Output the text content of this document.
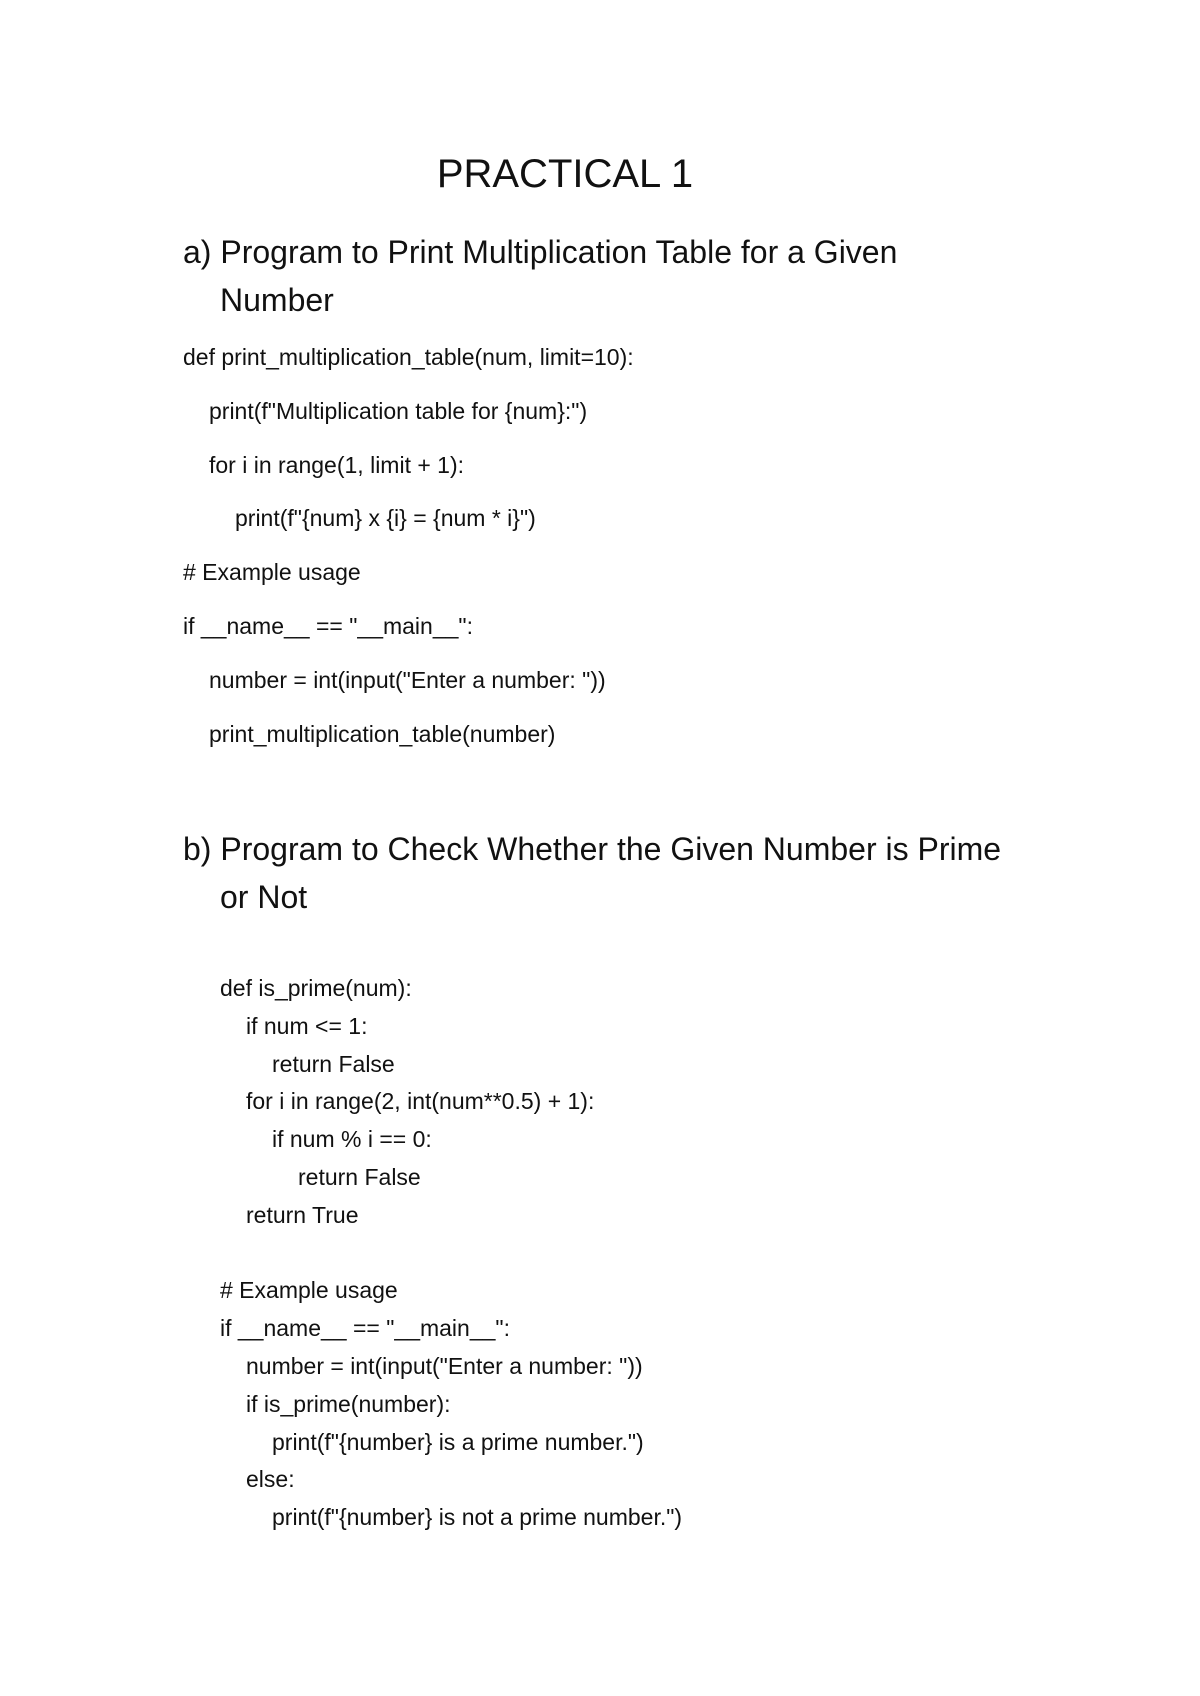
PRACTICAL 1
a) Program to Print Multiplication Table for a Given
Number
def print_multiplication_table(num, limit=10):
print(f"Multiplication table for {num}:")
for i in range(1, limit + 1):
print(f"{num} x {i} = {num * i}")
# Example usage
if __name__ == "__main__":
number = int(input("Enter a number: "))
print_multiplication_table(number)
b) Program to Check Whether the Given Number is Prime
or Not
def is_prime(num):
if num <= 1:
return False
for i in range(2, int(num**0.5) + 1):
if num % i == 0:
return False
return True
# Example usage
if __name__ == "__main__":
number = int(input("Enter a number: "))
if is_prime(number):
print(f"{number} is a prime number.")
else:
print(f"{number} is not a prime number.")
